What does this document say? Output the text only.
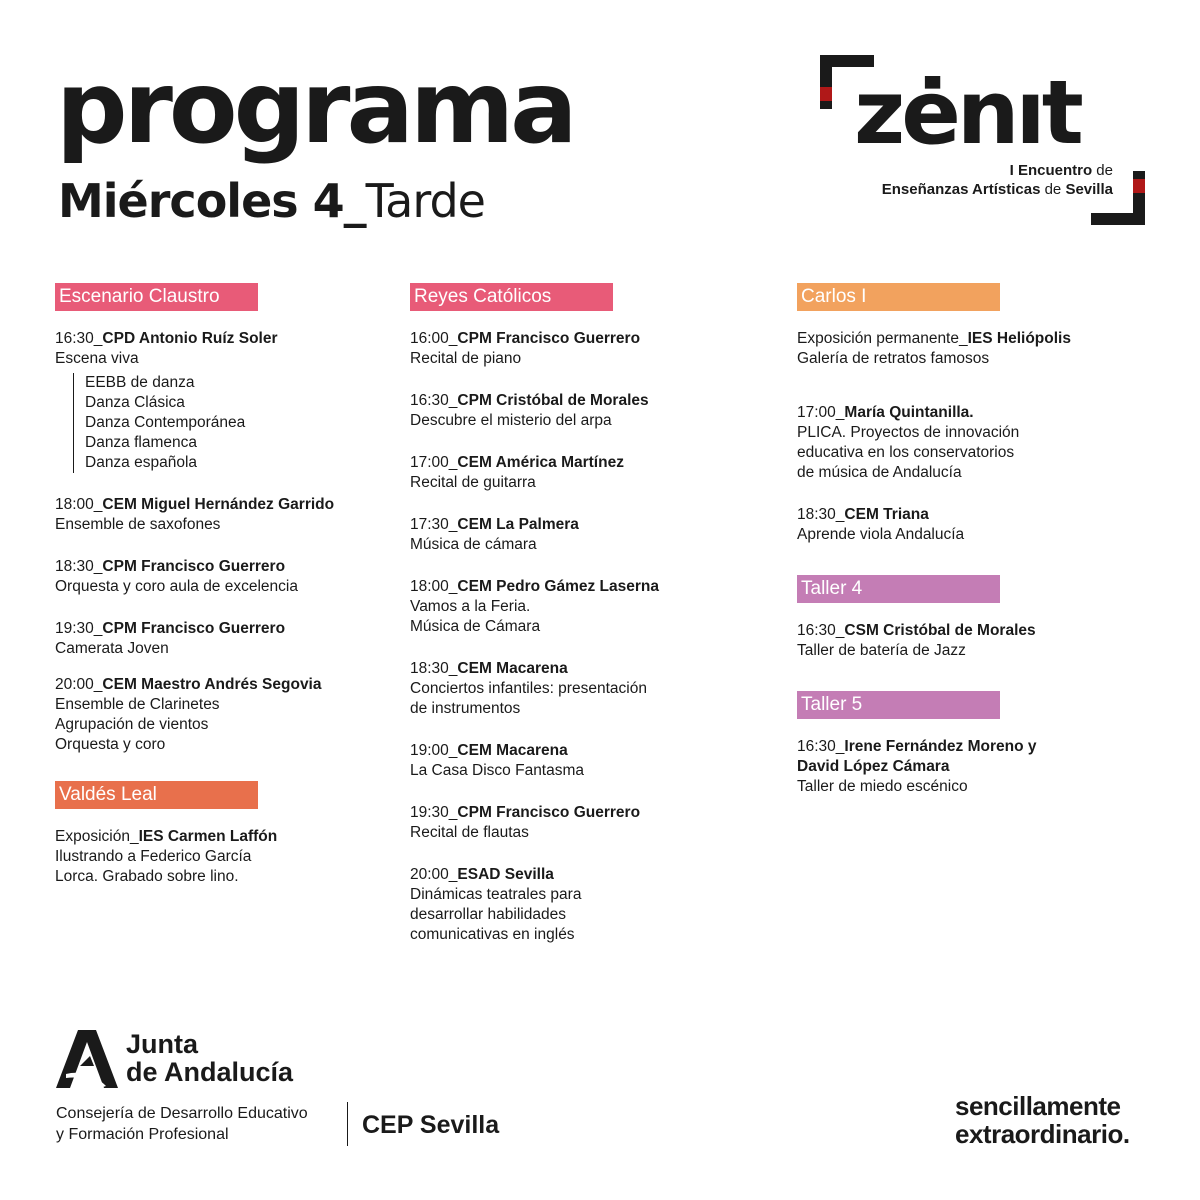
programa
Miércoles 4_Tarde
zėnıt
I Encuentro de
Enseñanzas Artísticas de Sevilla
Escenario Claustro
16:30_CPD Antonio Ruíz Soler
Escena viva
EEBB de danza
Danza Clásica
Danza Contemporánea
Danza flamenca
Danza española
18:00_CEM Miguel Hernández Garrido
Ensemble de saxofones
18:30_CPM Francisco Guerrero
Orquesta y coro aula de excelencia
19:30_CPM Francisco Guerrero
Camerata Joven
20:00_CEM Maestro Andrés Segovia
Ensemble de Clarinetes
Agrupación de vientos
Orquesta y coro
Valdés Leal
Exposición_IES Carmen Laffón
Ilustrando a Federico García
Lorca. Grabado sobre lino.
Reyes Católicos
16:00_CPM Francisco Guerrero
Recital de piano
16:30_CPM Cristóbal de Morales
Descubre el misterio del arpa
17:00_CEM América Martínez
Recital de guitarra
17:30_CEM La Palmera
Música de cámara
18:00_CEM Pedro Gámez Laserna
Vamos a la Feria.
Música de Cámara
18:30_CEM Macarena
Conciertos infantiles: presentación
de instrumentos
19:00_CEM Macarena
La Casa Disco Fantasma
19:30_CPM Francisco Guerrero
Recital de flautas
20:00_ESAD Sevilla
Dinámicas teatrales para
desarrollar habilidades
comunicativas en inglés
Carlos I
Exposición permanente_IES Heliópolis
Galería de retratos famosos
17:00_María Quintanilla.
PLICA. Proyectos de innovación
educativa en los conservatorios
de música de Andalucía
18:30_CEM Triana
Aprende viola Andalucía
Taller 4
16:30_CSM Cristóbal de Morales
Taller de batería de Jazz
Taller 5
16:30_Irene Fernández Moreno y
David López Cámara
Taller de miedo escénico
Junta
de Andalucía
Consejería de Desarrollo Educativo
y Formación Profesional	CEP Sevilla
sencillamente
extraordinario.
